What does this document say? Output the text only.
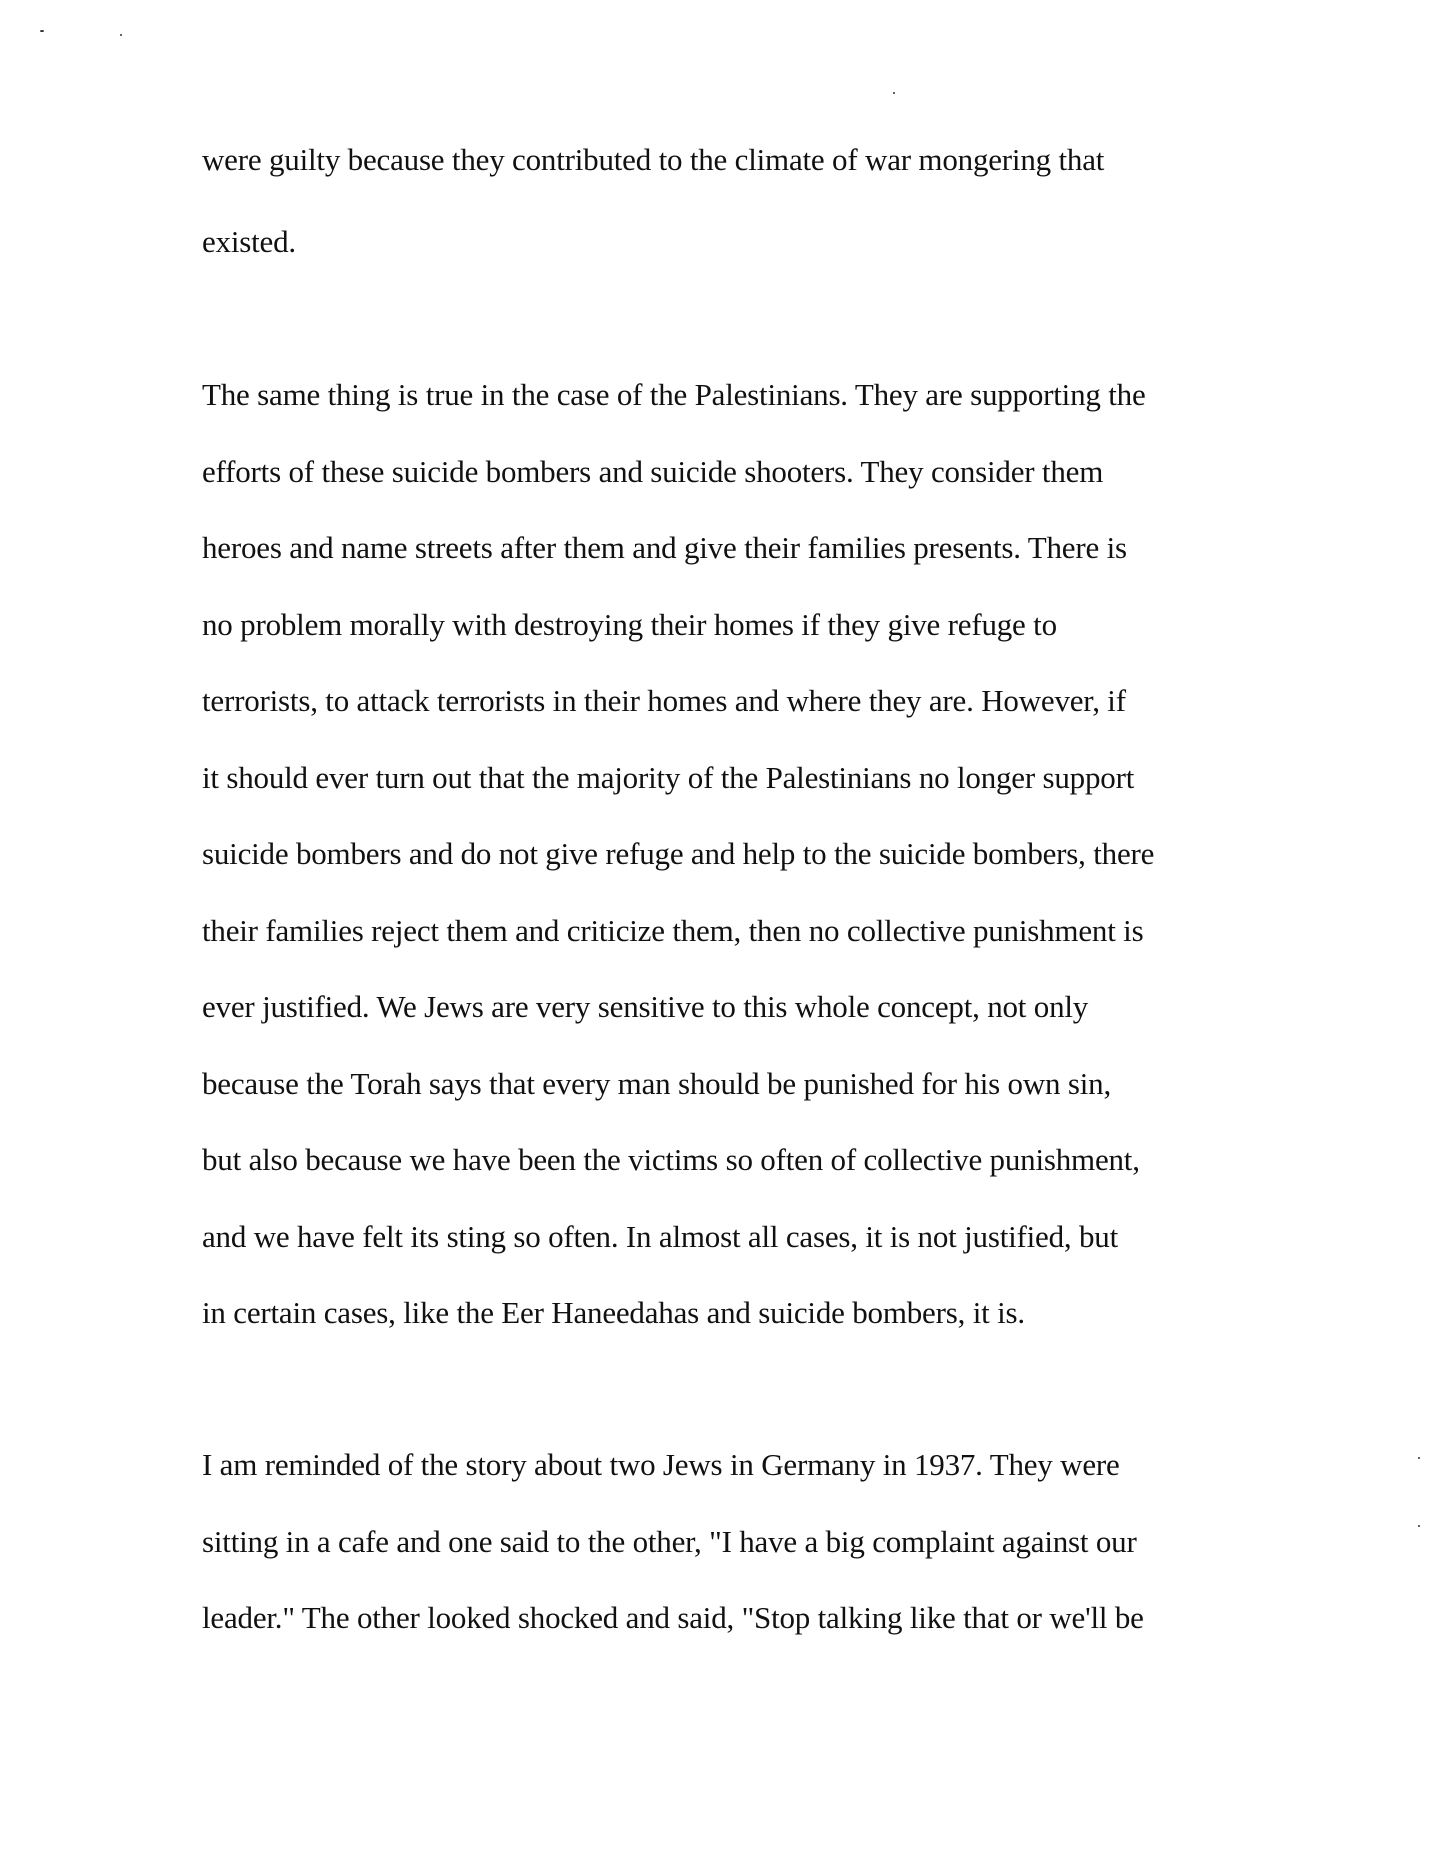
were guilty because they contributed to the climate of war mongering that
existed.
The same thing is true in the case of the Palestinians. They are supporting the
efforts of these suicide bombers and suicide shooters. They consider them
heroes and name streets after them and give their families presents. There is
no problem morally with destroying their homes if they give refuge to
terrorists, to attack terrorists in their homes and where they are. However, if
it should ever turn out that the majority of the Palestinians no longer support
suicide bombers and do not give refuge and help to the suicide bombers, there
their families reject them and criticize them, then no collective punishment is
ever justified. We Jews are very sensitive to this whole concept, not only
because the Torah says that every man should be punished for his own sin,
but also because we have been the victims so often of collective punishment,
and we have felt its sting so often. In almost all cases, it is not justified, but
in certain cases, like the Eer Haneedahas and suicide bombers, it is.
I am reminded of the story about two Jews in Germany in 1937. They were
sitting in a cafe and one said to the other, "I have a big complaint against our
leader." The other looked shocked and said, "Stop talking like that or we'll be
